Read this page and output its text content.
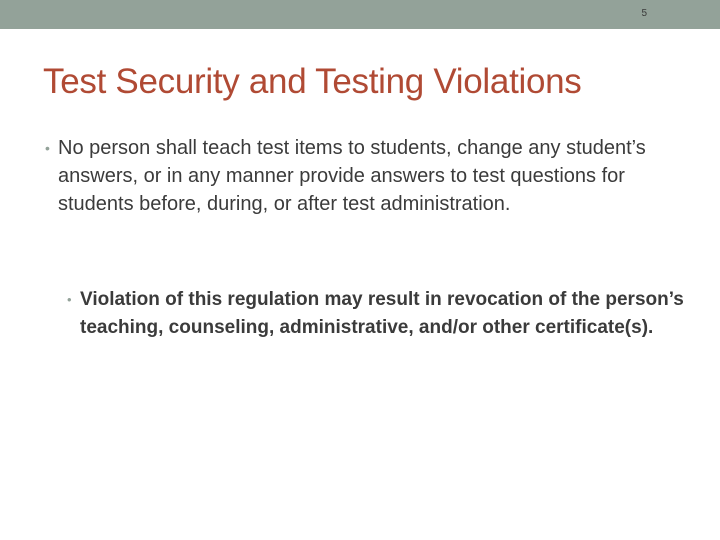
5
Test Security and Testing Violations
• No person shall teach test items to students, change any student’s answers, or in any manner provide answers to test questions for students before, during, or after test administration.
• Violation of this regulation may result in revocation of the person’s teaching, counseling, administrative, and/or other certificate(s).
